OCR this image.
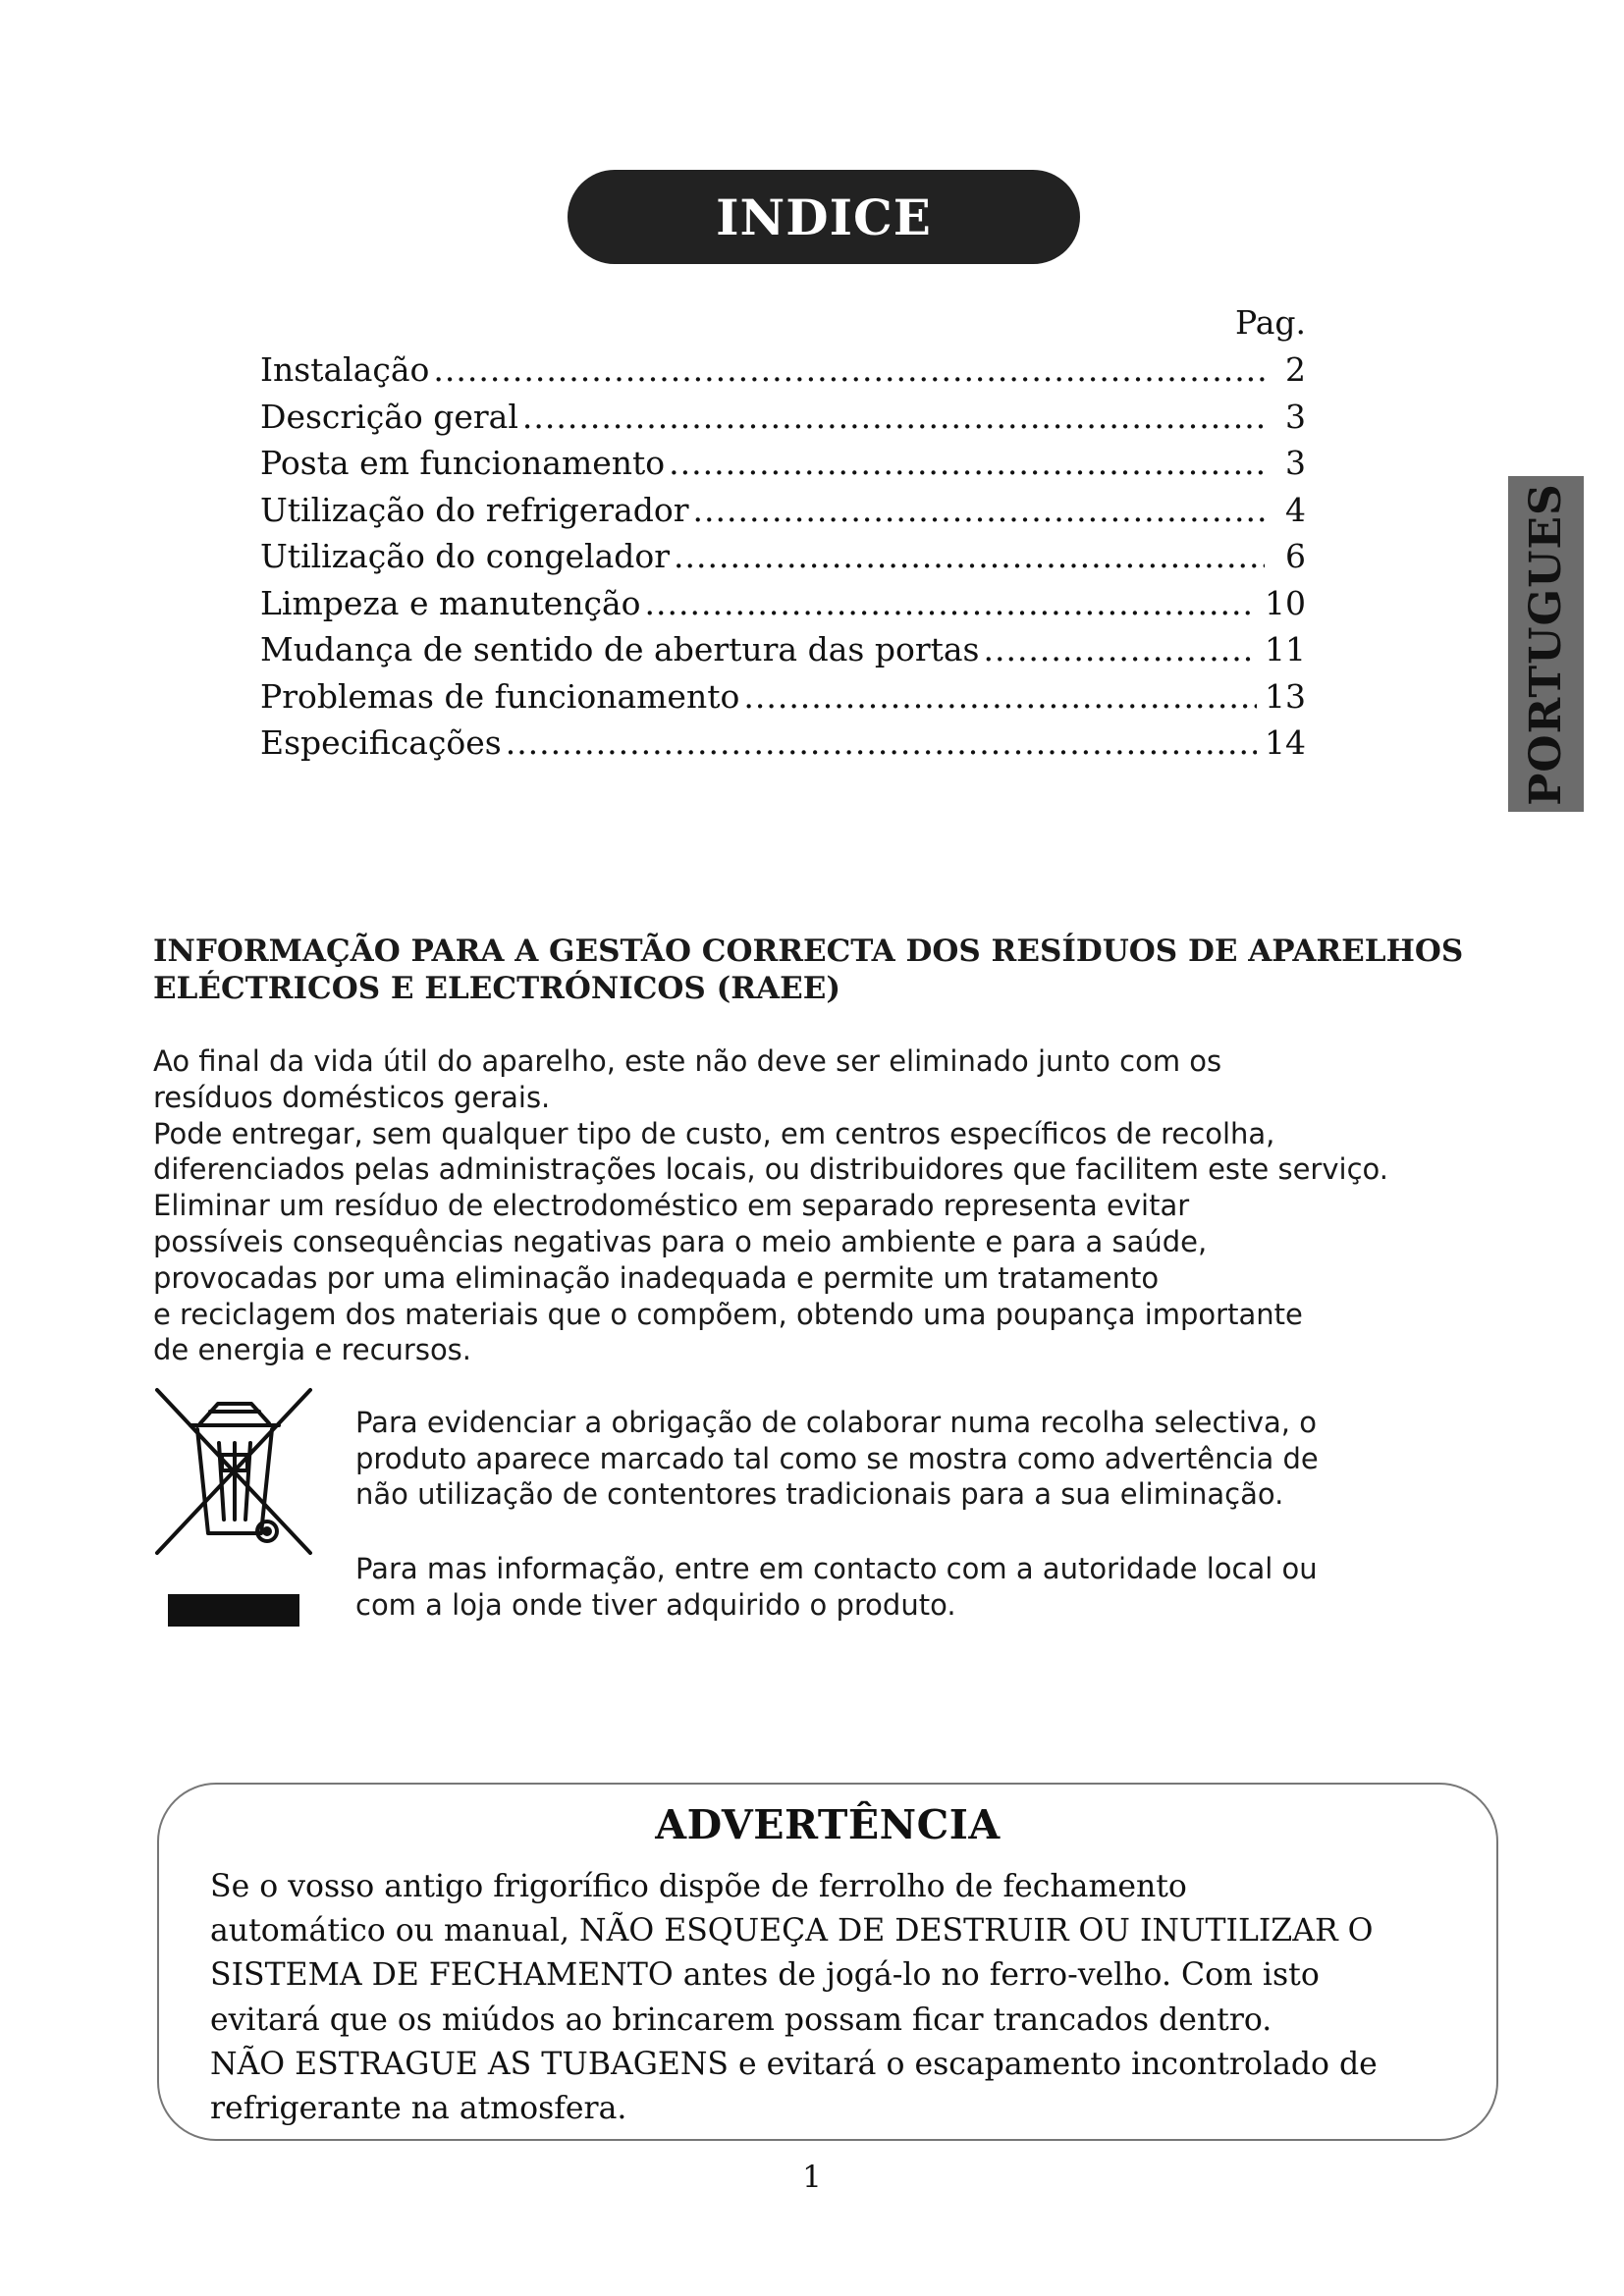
INDICE
Pag.
Instalação .....	2
Descrição geral .....	3
Posta em funcionamento .....	3
Utilização do refrigerador .....	4
Utilização do congelador .....	6
Limpeza e manutenção .....	10
Mudança de sentido de abertura das portas .....	11
Problemas de funcionamento .....	13
Especificações .....	14	PORTUGUES
INFORMAÇÃO PARA A GESTÃO CORRECTA DOS RESÍDUOS DE APARELHOS
ELÉCTRICOS E ELECTRÓNICOS (RAEE)
Ao final da vida útil do aparelho, este não deve ser eliminado junto com os
resíduos domésticos gerais.
Pode entregar, sem qualquer tipo de custo, em centros específicos de recolha,
diferenciados pelas administrações locais, ou distribuidores que facilitem este serviço.
Eliminar um resíduo de electrodoméstico em separado representa evitar
possíveis consequências negativas para o meio ambiente e para a saúde,
provocadas por uma eliminação inadequada e permite um tratamento
e reciclagem dos materiais que o compõem, obtendo uma poupança importante
de energia e recursos.
Para evidenciar a obrigação de colaborar numa recolha selectiva, o
produto aparece marcado tal como se mostra como advertência de
não utilização de contentores tradicionais para a sua eliminação.
Para mas informação, entre em contacto com a autoridade local ou
com a loja onde tiver adquirido o produto.
ADVERTÊNCIA
Se o vosso antigo frigorífico dispõe de ferrolho de fechamento
automático ou manual, NÃO ESQUEÇA DE DESTRUIR OU INUTILIZAR O
SISTEMA DE FECHAMENTO antes de jogá-lo no ferro-velho. Com isto
evitará que os miúdos ao brincarem possam ficar trancados dentro.
NÃO ESTRAGUE AS TUBAGENS e evitará o escapamento incontrolado de
refrigerante na atmosfera.
1
